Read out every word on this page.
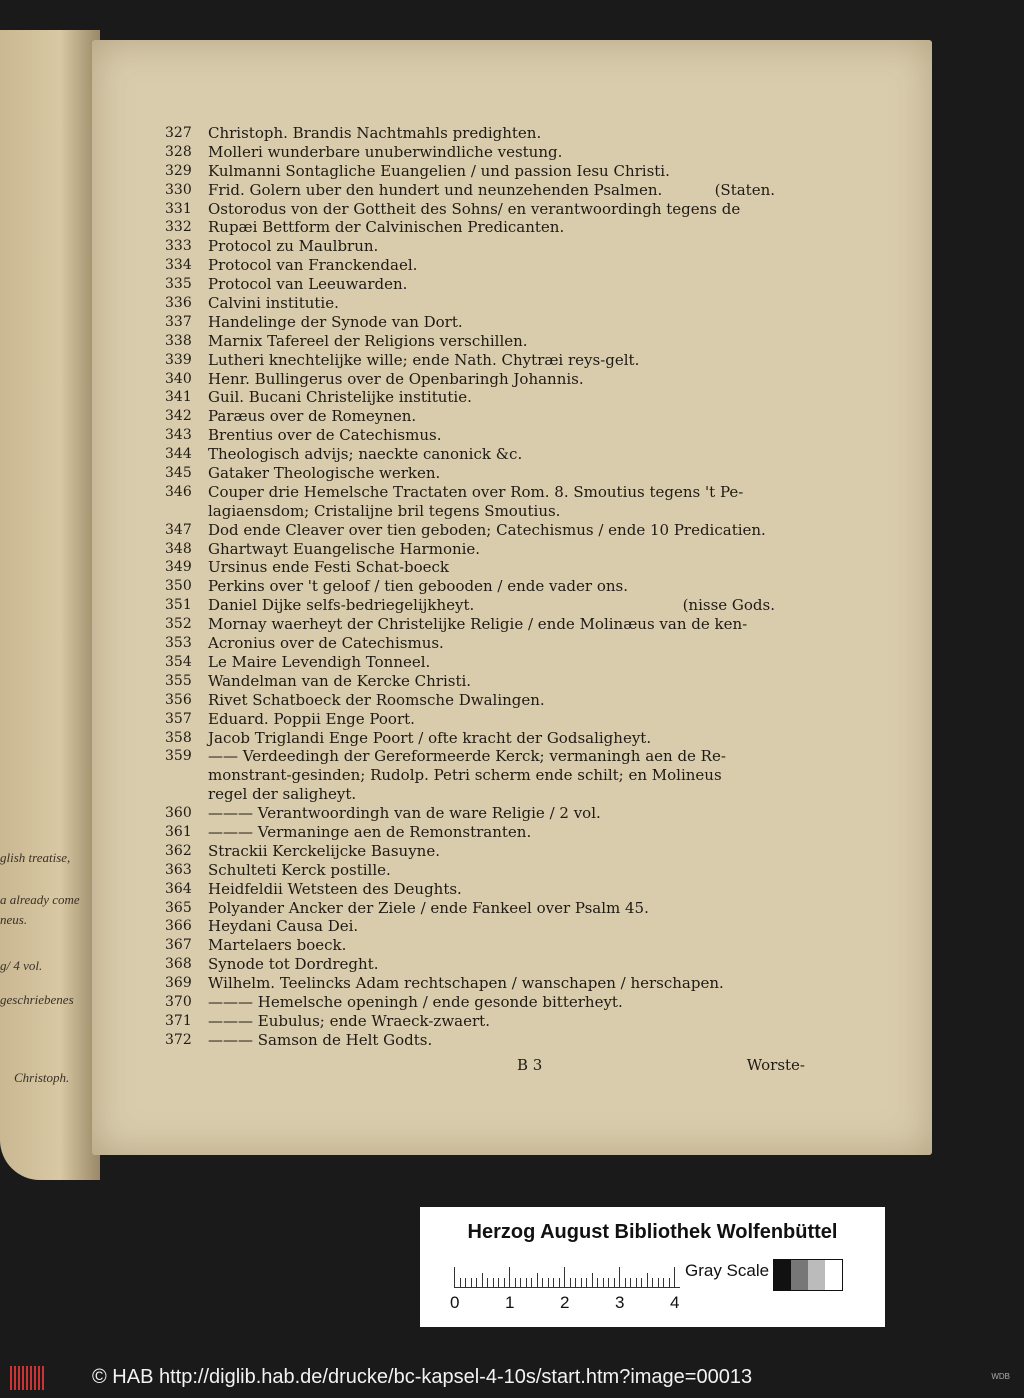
glish treatise,
a already come
neus.
g/ 4 vol.
geschriebenes
Christoph.
327	Christoph. Brandis Nachtmahls predighten.
328	Molleri wunderbare unuberwindliche vestung.
329	Kulmanni Sontagliche Euangelien / und passion Iesu Christi.
330	Frid. Golern uber den hundert und neunzehenden Psalmen.	(Staten.
331	Ostorodus von der Gottheit des Sohns/ en verantwoordingh tegens de
332	Rupæi Bettform der Calvinischen Predicanten.
333	Protocol zu Maulbrun.
334	Protocol van Franckendael.
335	Protocol van Leeuwarden.
336	Calvini institutie.
337	Handelinge der Synode van Dort.
338	Marnix Tafereel der Religions verschillen.
339	Lutheri knechtelijke wille; ende Nath. Chytræi reys-gelt.
340	Henr. Bullingerus over de Openbaringh Johannis.
341	Guil. Bucani Christelijke institutie.
342	Paræus over de Romeynen.
343	Brentius over de Catechismus.
344	Theologisch advijs; naeckte canonick &c.
345	Gataker Theologische werken.
346	Couper drie Hemelsche Tractaten over Rom. 8. Smoutius tegens 't Pe-
lagiaensdom; Cristalijne bril tegens Smoutius.
347	Dod ende Cleaver over tien geboden; Catechismus / ende 10 Predicatien.
348	Ghartwayt Euangelische Harmonie.
349	Ursinus ende Festi Schat-boeck
350	Perkins over 't geloof / tien gebooden / ende vader ons.
351	Daniel Dijke selfs-bedriegelijkheyt.	(nisse Gods.
352	Mornay waerheyt der Christelijke Religie / ende Molinæus van de ken-
353	Acronius over de Catechismus.
354	Le Maire Levendigh Tonneel.
355	Wandelman van de Kercke Christi.
356	Rivet Schatboeck der Roomsche Dwalingen.
357	Eduard. Poppii Enge Poort.
358	Jacob Triglandi Enge Poort / ofte kracht der Godsaligheyt.
359	—— Verdeedingh der Gereformeerde Kerck; vermaningh aen de Re-
monstrant-gesinden; Rudolp. Petri scherm ende schilt; en Molineus
regel der saligheyt.
360	——— Verantwoordingh van de ware Religie / 2 vol.
361	——— Vermaninge aen de Remonstranten.
362	Strackii Kerckelijcke Basuyne.
363	Schulteti Kerck postille.
364	Heidfeldii Wetsteen des Deughts.
365	Polyander Ancker der Ziele / ende Fankeel over Psalm 45.
366	Heydani Causa Dei.
367	Martelaers boeck.
368	Synode tot Dordreght.
369	Wilhelm. Teelincks Adam rechtschapen / wanschapen / herschapen.
370	——— Hemelsche openingh / ende gesonde bitterheyt.
371	——— Eubulus; ende Wraeck-zwaert.
372	——— Samson de Helt Godts.
B 3	Worste-
Herzog August Bibliothek Wolfenbüttel
0	1	2	3	4
Gray Scale
© HAB http://diglib.hab.de/drucke/bc-kapsel-4-10s/start.htm?image=00013	WDB
